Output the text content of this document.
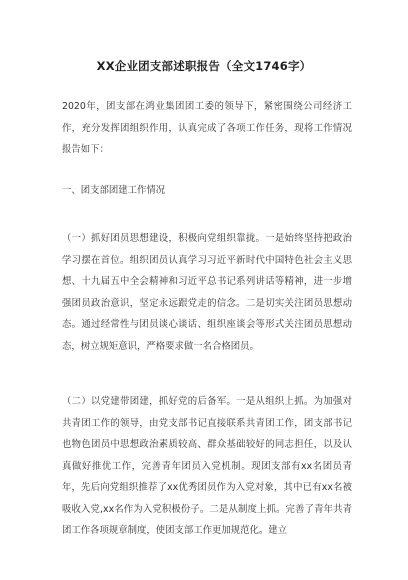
XX企业团支部述职报告（全文1746字）

2020年，团支部在鸿业集团团工委的领导下，紧密围绕公司经济工作，充分发挥团组织作用，认真完成了各项工作任务，现将工作情况报告如下：

一、团支部团建工作情况

（一）抓好团员思想建设，积极向党组织靠拢。一是始终坚持把政治学习摆在首位。组织团员认真学习习近平新时代中国特色社会主义思想、十九届五中全会精神和习近平总书记系列讲话等精神，进一步增强团员政治意识，坚定永远跟党走的信念。二是切实关注团员思想动态。通过经常性与团员谈心谈话、组织座谈会等形式关注团员思想动态，树立规矩意识，严格要求做一名合格团员。

（二）以党建带团建，抓好党的后备军。一是从组织上抓。为加强对共青团工作的领导，由党支部书记直接联系共青团工作，团支部书记也物色团员中思想政治素质较高、群众基础较好的同志担任，以及认真做好推优工作，完善青年团员入党机制。现团支部有xx名团员青年，先后向党组织推荐了xx优秀团员作为入党对象，其中已有xx名被吸收入党,xx名作为入党积极份子。二是从制度上抓。完善了青年共青团工作各项规章制度，使团支部工作更加规范化。建立
